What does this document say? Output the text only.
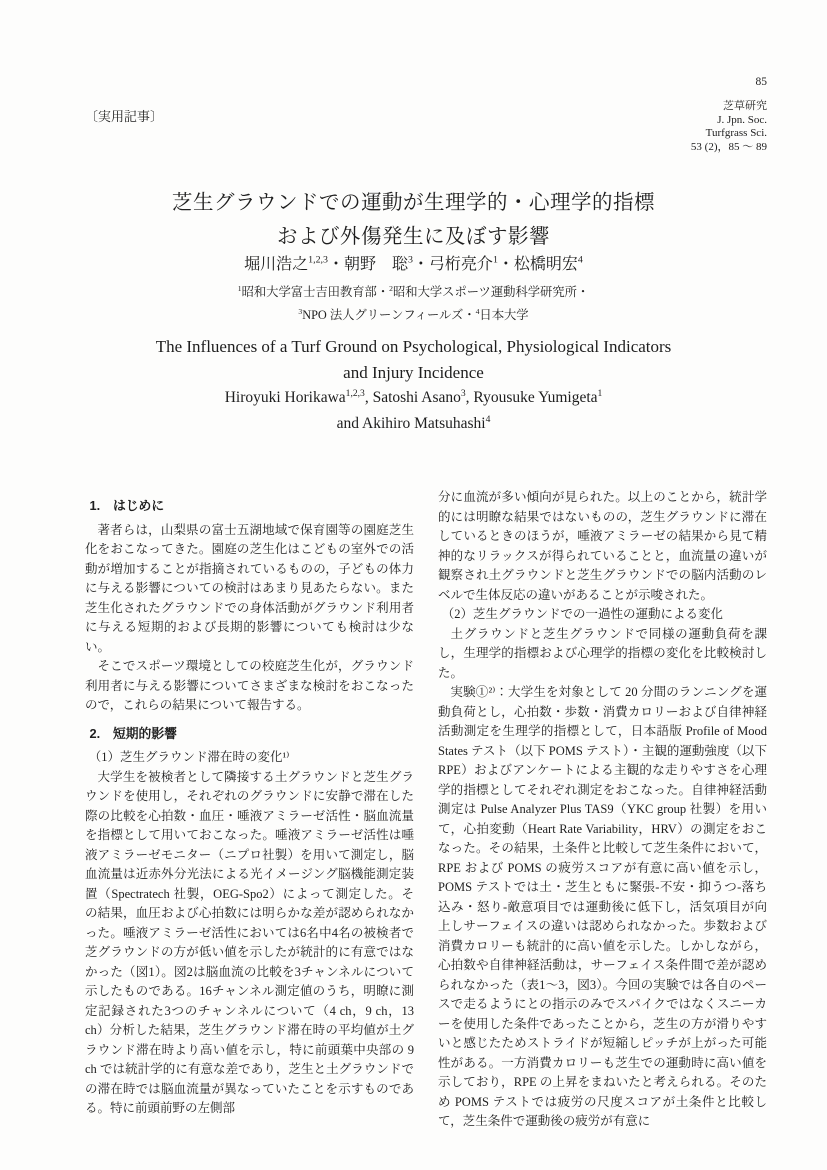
85
〔実用記事〕
芝草研究
J. Jpn. Soc.
Turfgrass Sci.
53 (2)，85 ～ 89
芝生グラウンドでの運動が生理学的・心理学的指標
および外傷発生に及ぼす影響
堀川浩之$^{1,2,3}$・朝野　聡$^3$・弓桁亮介$^1$・松橋明宏$^4$
$^1$昭和大学富士吉田教育部・$^2$昭和大学スポーツ運動科学研究所・
$^3$NPO 法人グリーンフィールズ・$^4$日本大学
The Influences of a Turf Ground on Psychological, Physiological Indicators
and Injury Incidence
Hiroyuki Horikawa$^{1,2,3}$, Satoshi Asano$^3$, Ryousuke Yumigeta$^1$
and Akihiro Matsuhashi$^4$
1.　はじめに
著者らは，山梨県の富士五湖地域で保育園等の園庭芝生化をおこなってきた。園庭の芝生化はこどもの室外での活動が増加することが指摘されているものの，子どもの体力に与える影響についての検討はあまり見あたらない。また芝生化されたグラウンドでの身体活動がグラウンド利用者に与える短期的および長期的影響についても検討は少ない。
そこでスポーツ環境としての校庭芝生化が，グラウンド利用者に与える影響についてさまざまな検討をおこなったので，これらの結果について報告する。
2.　短期的影響
（1）芝生グラウンド滞在時の変化¹⁾
大学生を被検者として隣接する土グラウンドと芝生グラウンドを使用し，それぞれのグラウンドに安静で滞在した際の比較を心拍数・血圧・唾液アミラーゼ活性・脳血流量を指標として用いておこなった。唾液アミラーゼ活性は唾液アミラーゼモニター（ニプロ社製）を用いて測定し，脳血流量は近赤外分光法による光イメージング脳機能測定装置（Spectratech 社製，OEG-Spo2）によって測定した。その結果，血圧および心拍数には明らかな差が認められなかった。唾液アミラーゼ活性においては6名中4名の被検者で芝グラウンドの方が低い値を示したが統計的に有意ではなかった（図1）。図2は脳血流の比較を3チャンネルについて示したものである。16チャンネル測定値のうち，明瞭に測定記録された3つのチャンネルについて（4 ch，9 ch，13 ch）分析した結果，芝生グラウンド滞在時の平均値が土グラウンド滞在時より高い値を示し，特に前頭葉中央部の 9 ch では統計学的に有意な差であり，芝生と土グラウンドでの滞在時では脳血流量が異なっていたことを示すものである。特に前頭前野の左側部
分に血流が多い傾向が見られた。以上のことから，統計学的には明瞭な結果ではないものの，芝生グラウンドに滞在しているときのほうが，唾液アミラーゼの結果から見て精神的なリラックスが得られていることと，血流量の違いが観察され土グラウンドと芝生グラウンドでの脳内活動のレベルで生体反応の違いがあることが示唆された。
（2）芝生グラウンドでの一過性の運動による変化
土グラウンドと芝生グラウンドで同様の運動負荷を課し，生理学的指標および心理学的指標の変化を比較検討した。
実験①²⁾：大学生を対象として 20 分間のランニングを運動負荷とし，心拍数・歩数・消費カロリーおよび自律神経活動測定を生理学的指標として，日本語版 Profile of Mood States テスト（以下 POMS テスト）・主観的運動強度（以下 RPE）およびアンケートによる主観的な走りやすさを心理学的指標としてそれぞれ測定をおこなった。自律神経活動測定は Pulse Analyzer Plus TAS9（YKC group 社製）を用いて，心拍変動（Heart Rate Variability，HRV）の測定をおこなった。その結果，土条件と比較して芝生条件において，RPE および POMS の疲労スコアが有意に高い値を示し，POMS テストでは土・芝生ともに緊張-不安・抑うつ-落ち込み・怒り-敵意項目では運動後に低下し，活気項目が向上しサーフェイスの違いは認められなかった。歩数および消費カロリーも統計的に高い値を示した。しかしながら，心拍数や自律神経活動は，サーフェイス条件間で差が認められなかった（表1～3，図3）。今回の実験では各自のペースで走るようにとの指示のみでスパイクではなくスニーカーを使用した条件であったことから，芝生の方が滑りやすいと感じたためストライドが短縮しピッチが上がった可能性がある。一方消費カロリーも芝生での運動時に高い値を示しており，RPE の上昇をまねいたと考えられる。そのため POMS テストでは疲労の尺度スコアが土条件と比較して，芝生条件で運動後の疲労が有意に
